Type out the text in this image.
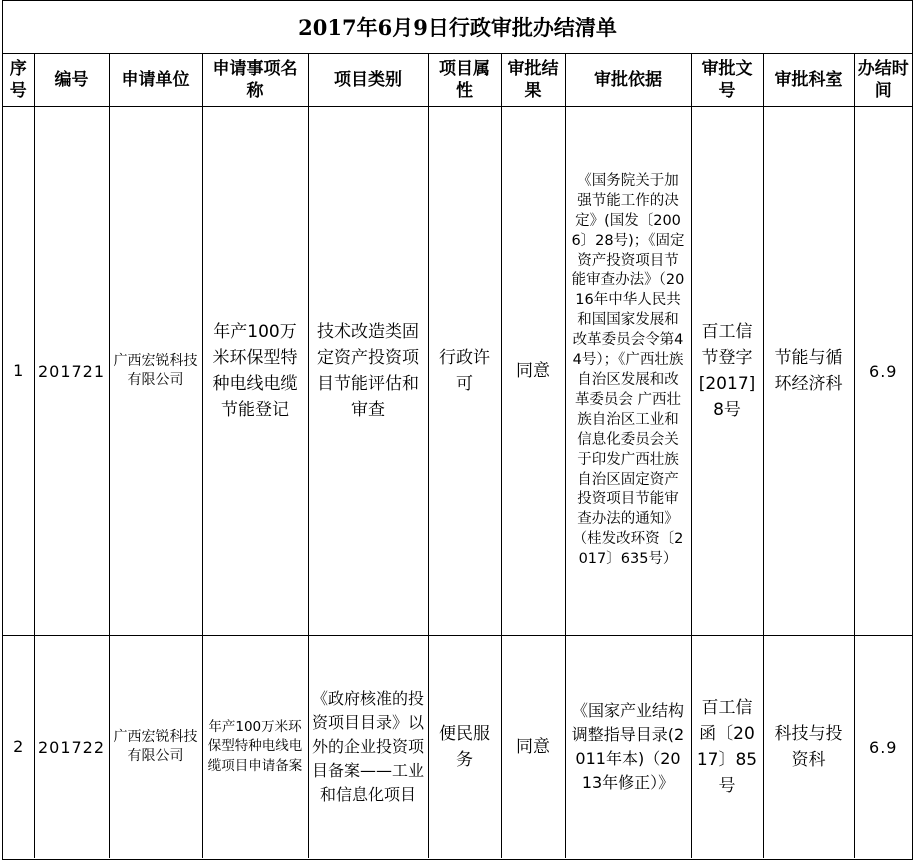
2017年6月9日行政审批办结清单
序号	编号	申请单位	申请事项名称	项目类别	项目属性	审批结果	审批依据	审批文号	审批科室	办结时间
1	201721	广西宏锐科技有限公司	年产100万米环保型特种电线电缆节能登记	技术改造类固定资产投资项目节能评估和审查	行政许可	同意	《国务院关于加强节能工作的决定》(国发〔2006〕28号)；《固定资产投资项目节能审查办法》（2016年中华人民共和国国家发展和改革委员会令第44号）；《广西壮族自治区发展和改革委员会 广西壮族自治区工业和信息化委员会关于印发广西壮族自治区固定资产投资项目节能审查办法的通知》（桂发改环资〔2017〕635号）	百工信节登字[2017]8号	节能与循环经济科	6.9
2	201722	广西宏锐科技有限公司	年产100万米环保型特种电线电缆项目申请备案	《政府核准的投资项目目录》以外的企业投资项目备案——工业和信息化项目	便民服务	同意	《国家产业结构调整指导目录(2011年本)（2013年修正）》	百工信函〔2017〕85号	科技与投资科	6.9
